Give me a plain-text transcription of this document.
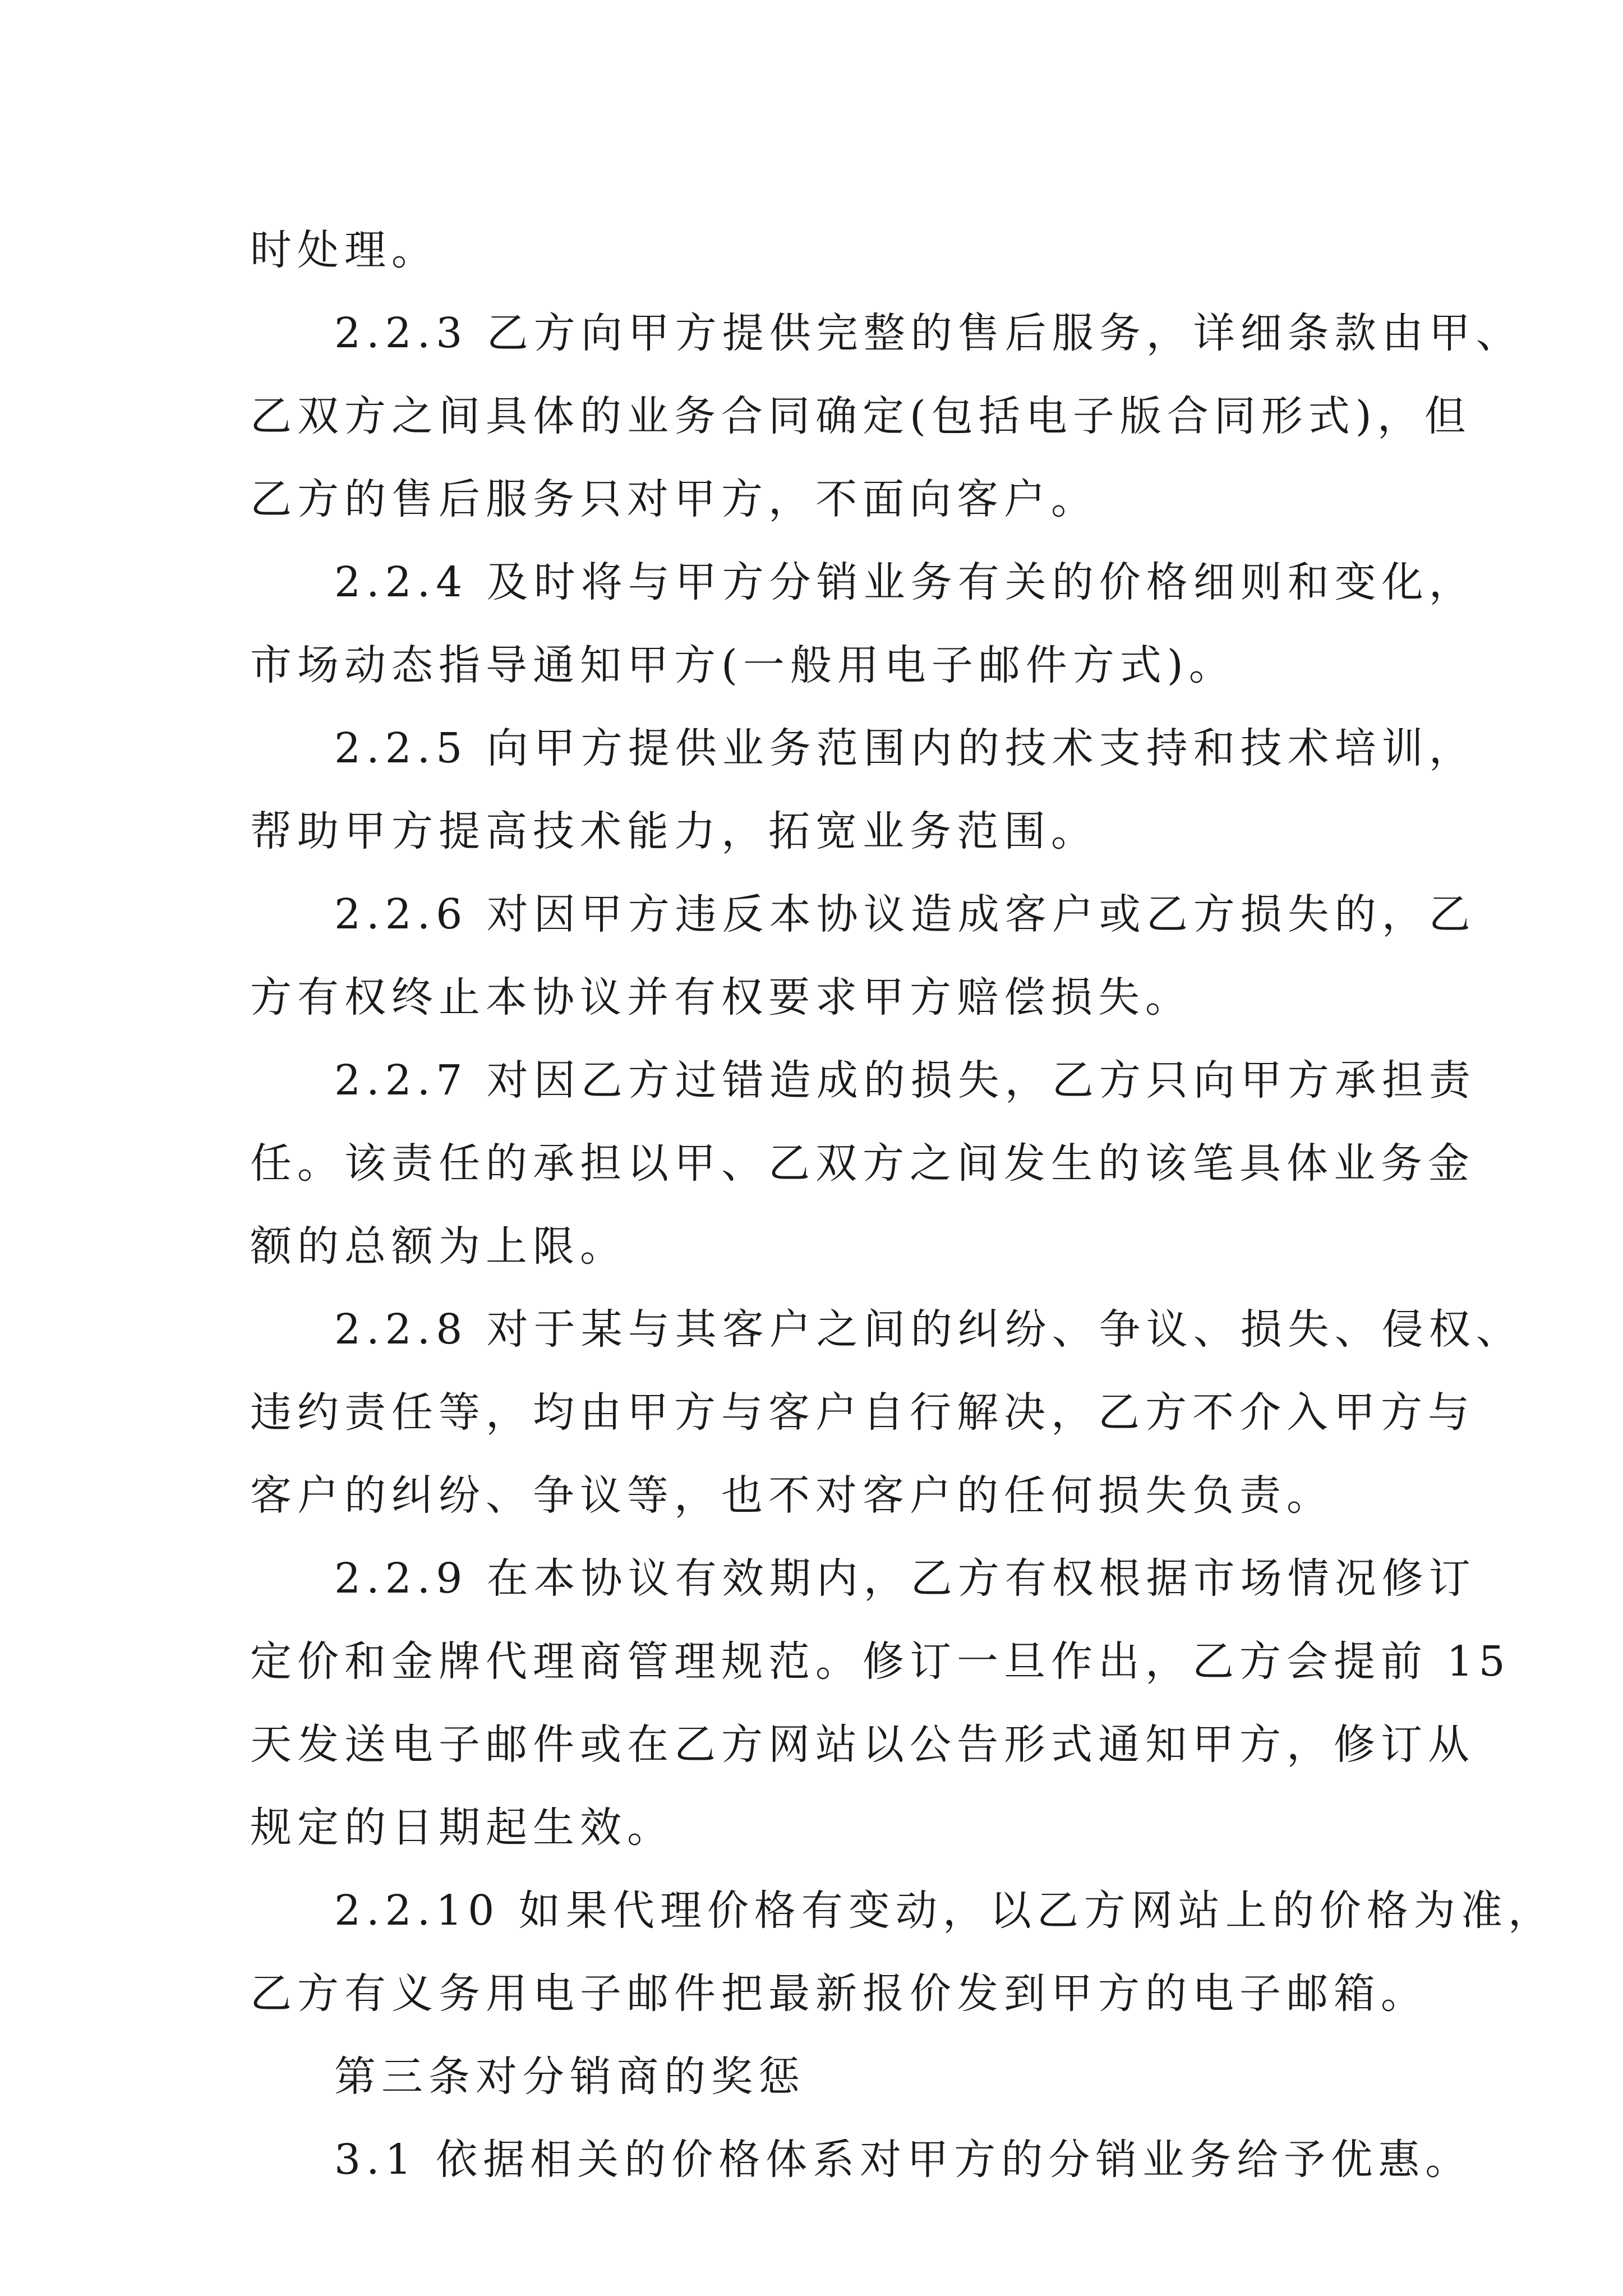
时处理。
2.2.3 乙方向甲方提供完整的售后服务，详细条款由甲、
乙双方之间具体的业务合同确定(包括电子版合同形式)，但
乙方的售后服务只对甲方，不面向客户。
2.2.4 及时将与甲方分销业务有关的价格细则和变化，
市场动态指导通知甲方(一般用电子邮件方式)。
2.2.5 向甲方提供业务范围内的技术支持和技术培训，
帮助甲方提高技术能力，拓宽业务范围。
2.2.6 对因甲方违反本协议造成客户或乙方损失的，乙
方有权终止本协议并有权要求甲方赔偿损失。
2.2.7 对因乙方过错造成的损失，乙方只向甲方承担责
任。该责任的承担以甲、乙双方之间发生的该笔具体业务金
额的总额为上限。
2.2.8 对于某与其客户之间的纠纷、争议、损失、侵权、
违约责任等，均由甲方与客户自行解决，乙方不介入甲方与
客户的纠纷、争议等，也不对客户的任何损失负责。
2.2.9 在本协议有效期内，乙方有权根据市场情况修订
定价和金牌代理商管理规范。修订一旦作出，乙方会提前 15
天发送电子邮件或在乙方网站以公告形式通知甲方，修订从
规定的日期起生效。
2.2.10 如果代理价格有变动，以乙方网站上的价格为准，
乙方有义务用电子邮件把最新报价发到甲方的电子邮箱。
第三条对分销商的奖惩
3.1 依据相关的价格体系对甲方的分销业务给予优惠。
